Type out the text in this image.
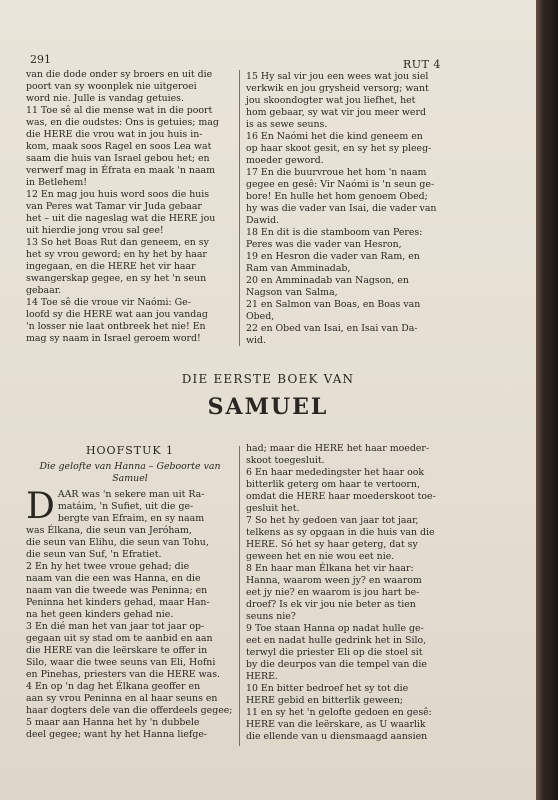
291	RUT 4
van die dode onder sy broers en uit die
poort van sy woonplek nie uitgeroei
word nie. Julle is vandag getuies.
11 Toe sê al die mense wat in die poort
was, en die oudstes: Ons is getuies; mag
die HERE die vrou wat in jou huis in-
kom, maak soos Ragel en soos Lea wat
saam die huis van Israel gebou het; en
verwerf mag in Éfrata en maak 'n naam
in Betlehem!
12 En mag jou huis word soos die huis
van Peres wat Tamar vir Juda gebaar
het – uit die nageslag wat die HERE jou
uit hierdie jong vrou sal gee!
13 So het Boas Rut dan geneem, en sy
het sy vrou geword; en hy het by haar
ingegaan, en die HERE het vir haar
swangerskap gegee, en sy het 'n seun
gebaar.
14 Toe sê die vroue vir Naómi: Ge-
loofd sy die HERE wat aan jou vandag
'n losser nie laat ontbreek het nie! En
mag sy naam in Israel geroem word!
15 Hy sal vir jou een wees wat jou siel
verkwik en jou grysheid versorg; want
jou skoondogter wat jou liefhet, het
hom gebaar, sy wat vir jou meer werd
is as sewe seuns.
16 En Naómi het die kind geneem en
op haar skoot gesit, en sy het sy pleeg-
moeder geword.
17 En die buurvroue het hom 'n naam
gegee en gesê: Vir Naómi is 'n seun ge-
bore! En hulle het hom genoem Obed;
hy was die vader van Isai, die vader van
Dawid.
18 En dit is die stamboom van Peres:
Peres was die vader van Hesron,
19 en Hesron die vader van Ram, en
Ram van Amminadab,
20 en Amminadab van Nagson, en
Nagson van Salma,
21 en Salmon van Boas, en Boas van
Obed,
22 en Obed van Isai, en Isai van Da-
wid.
DIE EERSTE BOEK VAN
SAMUEL
HOOFSTUK 1
Die gelofte van Hanna – Geboorte van
Samuel
D AAR was 'n sekere man uit Ra-
matáim, 'n Sufiet, uit die ge-
bergte van Efraim, en sy naam
was Élkana, die seun van Jeróham,
die seun van Elihu, die seun van Tohu,
die seun van Suf, 'n Efratiet.
2 En hy het twee vroue gehad; die
naam van die een was Hanna, en die
naam van die tweede was Peninna; en
Peninna het kinders gehad, maar Han-
na het geen kinders gehad nie.
3 En dié man het van jaar tot jaar op-
gegaan uit sy stad om te aanbid en aan
die HERE van die leërskare te offer in
Silo, waar die twee seuns van Eli, Hofni
en Pinehas, priesters van die HERE was.
4 En op 'n dag het Élkana geoffer en
aan sy vrou Peninna en al haar seuns en
haar dogters dele van die offerdeels gegee;
5 maar aan Hanna het hy 'n dubbele
deel gegee; want hy het Hanna liefge-
had; maar die HERE het haar moeder-
skoot toegesluit.
6 En haar mededingster het haar ook
bitterlik geterg om haar te vertoorn,
omdat die HERE haar moederskoot toe-
gesluit het.
7 So het hy gedoen van jaar tot jaar,
telkens as sy opgaan in die huis van die
HERE. Só het sy haar geterg, dat sy
geween het en nie wou eet nie.
8 En haar man Élkana het vir haar:
Hanna, waarom ween jy? en waarom
eet jy nie? en waarom is jou hart be-
droef? Is ek vir jou nie beter as tien
seuns nie?
9 Toe staan Hanna op nadat hulle ge-
eet en nadat hulle gedrink het in Silo,
terwyl die priester Eli op die stoel sit
by die deurpos van die tempel van die
HERE.
10 En bitter bedroef het sy tot die
HERE gebid en bitterlik geween;
11 en sy het 'n gelofte gedoen en gesê:
HERE van die leërskare, as U waarlik
die ellende van u diensmaagd aansien
